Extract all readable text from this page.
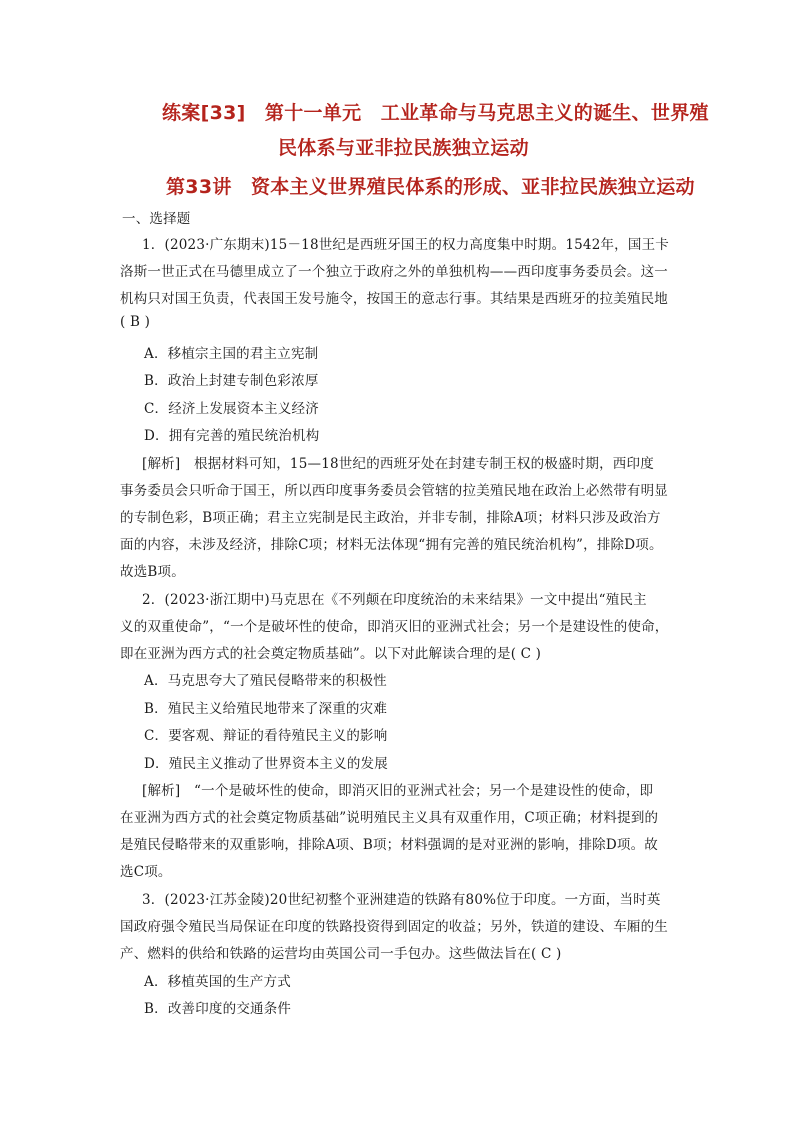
练案[33]　第十一单元　工业革命与马克思主义的诞生、世界殖
民体系与亚非拉民族独立运动
第33讲　资本主义世界殖民体系的形成、亚非拉民族独立运动
一、选择题
1．(2023·广东期末)15－18世纪是西班牙国王的权力高度集中时期。1542年，国王卡
洛斯一世正式在马德里成立了一个独立于政府之外的单独机构——西印度事务委员会。这一
机构只对国王负责，代表国王发号施令，按国王的意志行事。其结果是西班牙的拉美殖民地
( B )
A．移植宗主国的君主立宪制
B．政治上封建专制色彩浓厚
C．经济上发展资本主义经济
D．拥有完善的殖民统治机构
[解析]　根据材料可知，15—18世纪的西班牙处在封建专制王权的极盛时期，西印度
事务委员会只听命于国王，所以西印度事务委员会管辖的拉美殖民地在政治上必然带有明显
的专制色彩，B项正确；君主立宪制是民主政治，并非专制，排除A项；材料只涉及政治方
面的内容，未涉及经济，排除C项；材料无法体现“拥有完善的殖民统治机构”，排除D项。
故选B项。
2．(2023·浙江期中)马克思在《不列颠在印度统治的未来结果》一文中提出“殖民主
义的双重使命”，“一个是破坏性的使命，即消灭旧的亚洲式社会；另一个是建设性的使命，
即在亚洲为西方式的社会奠定物质基础”。以下对此解读合理的是( C )
A．马克思夸大了殖民侵略带来的积极性
B．殖民主义给殖民地带来了深重的灾难
C．要客观、辩证的看待殖民主义的影响
D．殖民主义推动了世界资本主义的发展
[解析]　“一个是破坏性的使命，即消灭旧的亚洲式社会；另一个是建设性的使命，即
在亚洲为西方式的社会奠定物质基础”说明殖民主义具有双重作用，C项正确；材料提到的
是殖民侵略带来的双重影响，排除A项、B项；材料强调的是对亚洲的影响，排除D项。故
选C项。
3．(2023·江苏金陵)20世纪初整个亚洲建造的铁路有80%位于印度。一方面，当时英
国政府强令殖民当局保证在印度的铁路投资得到固定的收益；另外，铁道的建设、车厢的生
产、燃料的供给和铁路的运营均由英国公司一手包办。这些做法旨在( C )
A．移植英国的生产方式
B．改善印度的交通条件
